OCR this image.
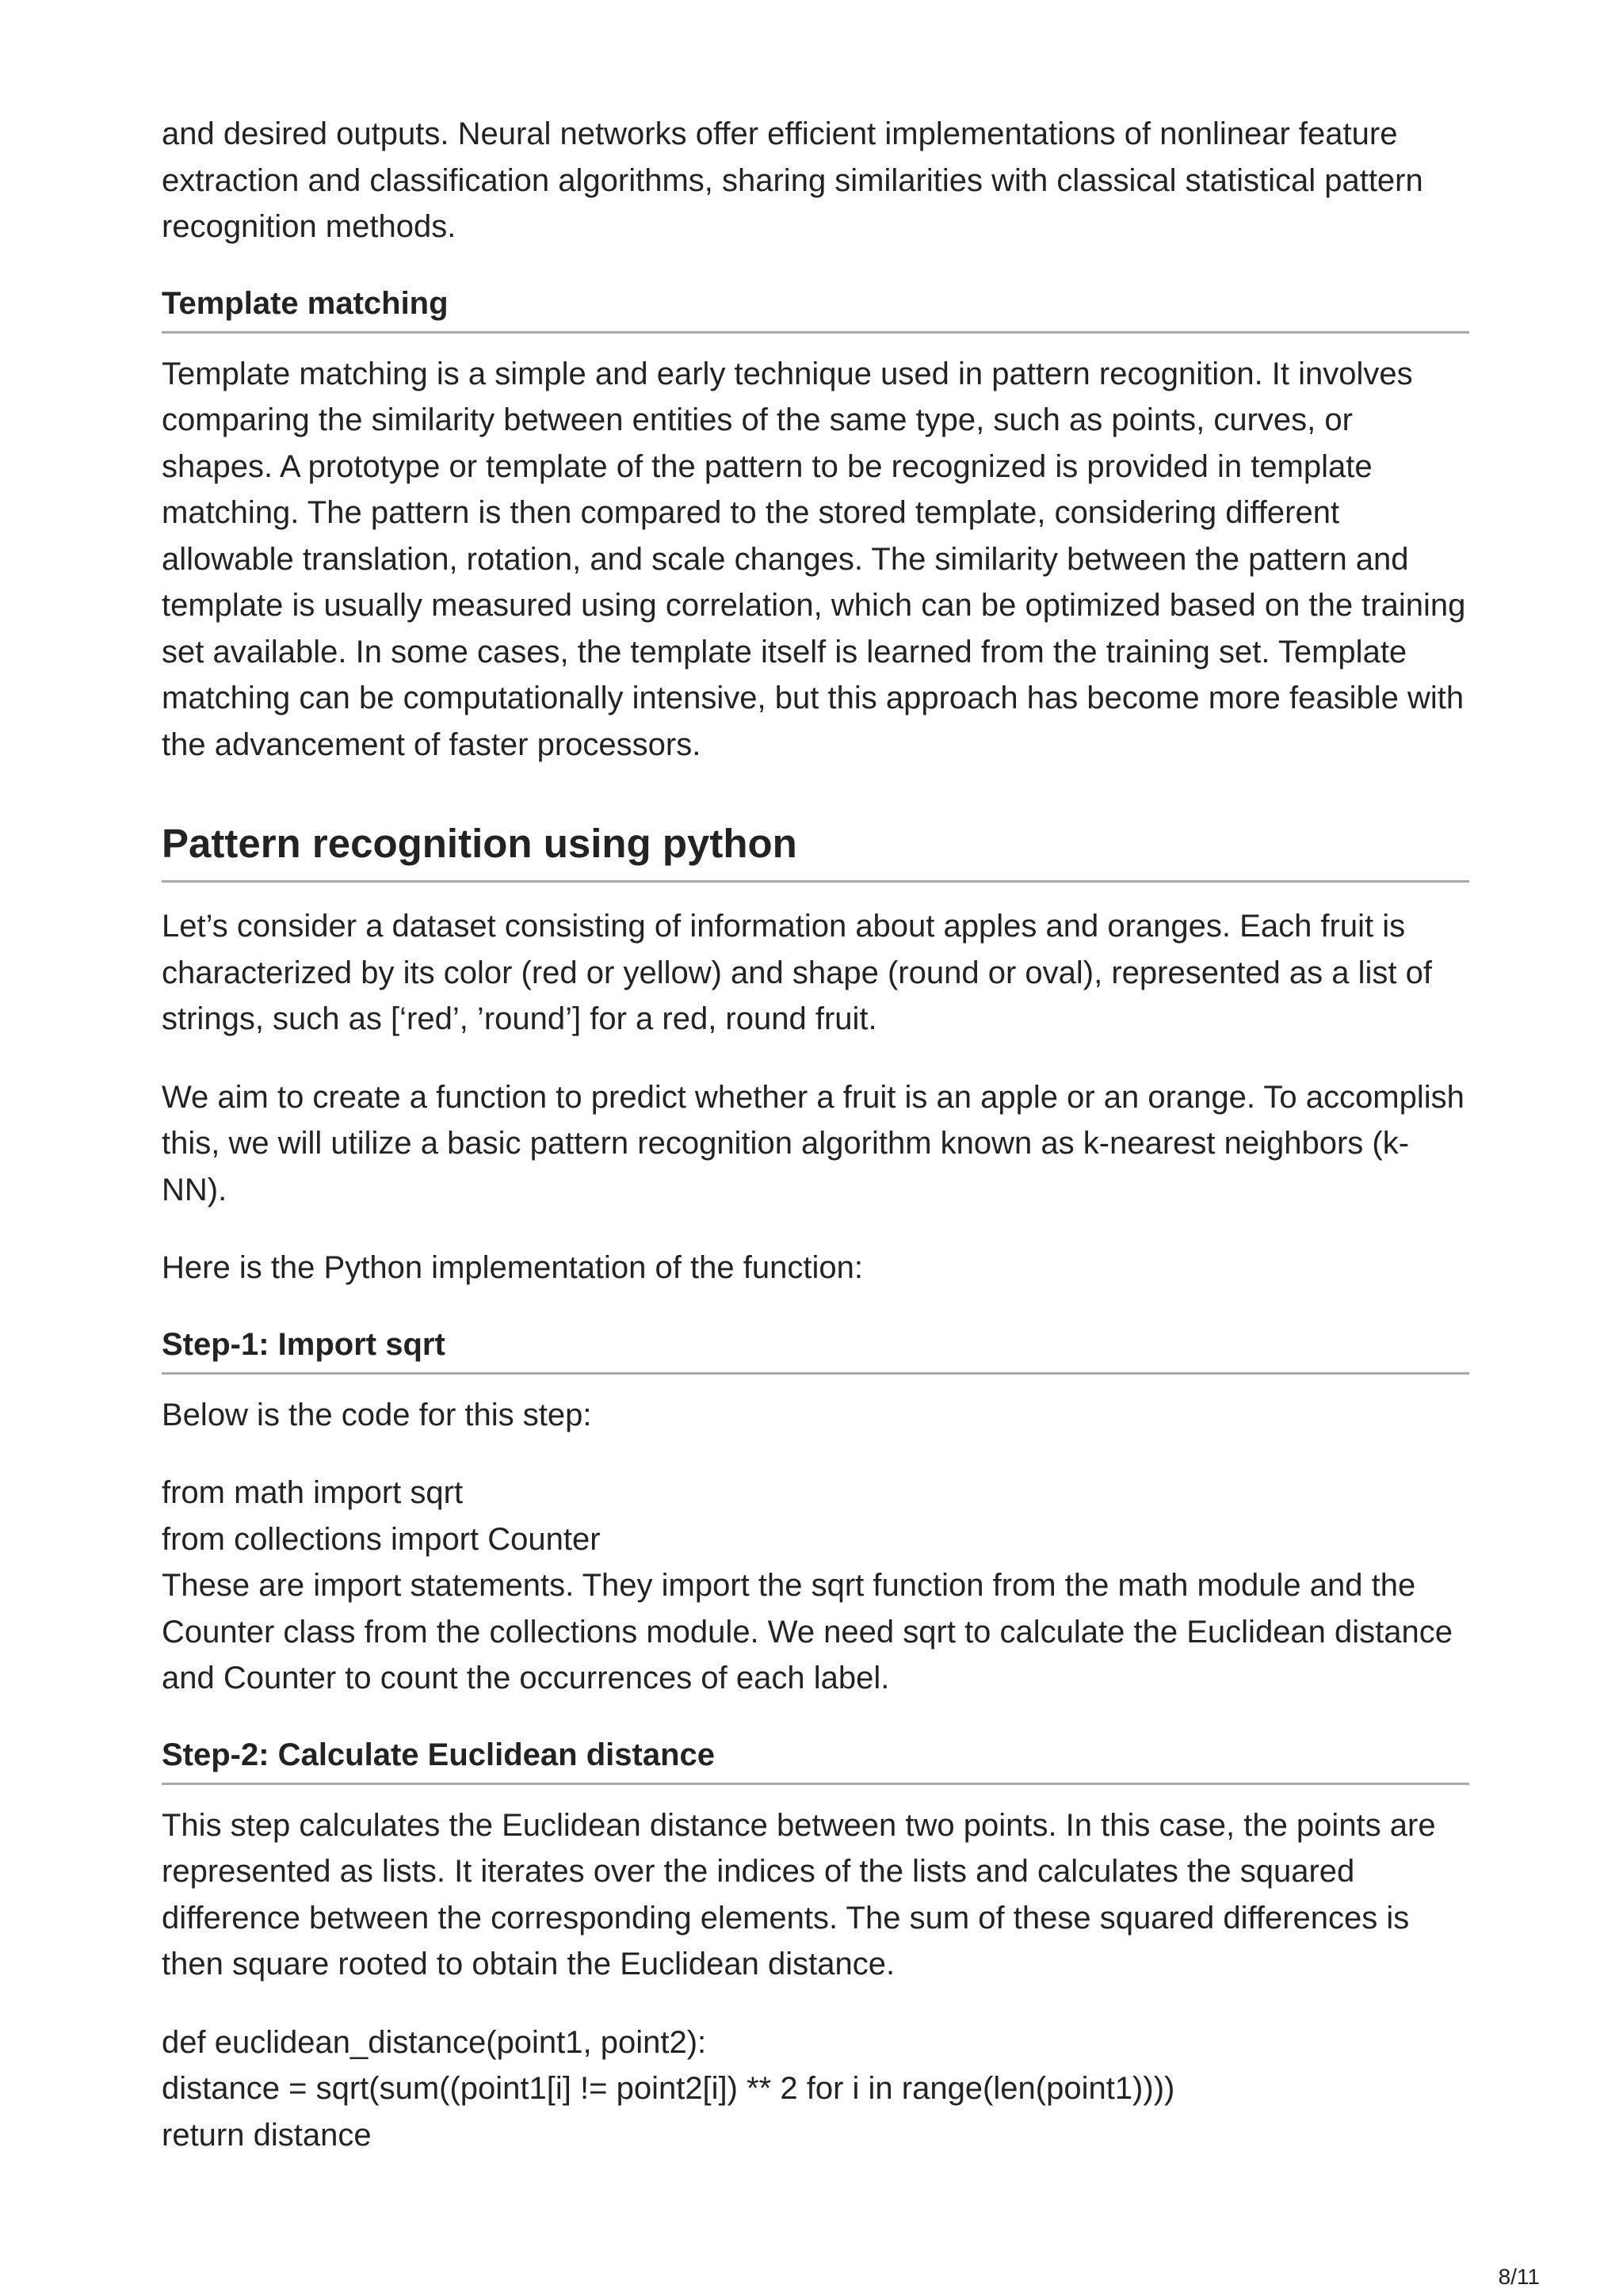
and desired outputs. Neural networks offer efficient implementations of nonlinear feature extraction and classification algorithms, sharing similarities with classical statistical pattern recognition methods.

Template matching

Template matching is a simple and early technique used in pattern recognition. It involves comparing the similarity between entities of the same type, such as points, curves, or shapes. A prototype or template of the pattern to be recognized is provided in template matching. The pattern is then compared to the stored template, considering different allowable translation, rotation, and scale changes. The similarity between the pattern and template is usually measured using correlation, which can be optimized based on the training set available. In some cases, the template itself is learned from the training set. Template matching can be computationally intensive, but this approach has become more feasible with the advancement of faster processors.

Pattern recognition using python

Let’s consider a dataset consisting of information about apples and oranges. Each fruit is characterized by its color (red or yellow) and shape (round or oval), represented as a list of strings, such as [‘red’, ’round’] for a red, round fruit.

We aim to create a function to predict whether a fruit is an apple or an orange. To accomplish this, we will utilize a basic pattern recognition algorithm known as k-nearest neighbors (k-NN).

Here is the Python implementation of the function:

Step-1: Import sqrt

Below is the code for this step:

from math import sqrt

from collections import Counter

These are import statements. They import the sqrt function from the math module and the Counter class from the collections module. We need sqrt to calculate the Euclidean distance and Counter to count the occurrences of each label.

Step-2: Calculate Euclidean distance

This step calculates the Euclidean distance between two points. In this case, the points are represented as lists. It iterates over the indices of the lists and calculates the squared difference between the corresponding elements. The sum of these squared differences is then square rooted to obtain the Euclidean distance.

def euclidean_distance(point1, point2):

distance = sqrt(sum((point1[i] != point2[i]) ** 2 for i in range(len(point1))))

return distance

8/11
